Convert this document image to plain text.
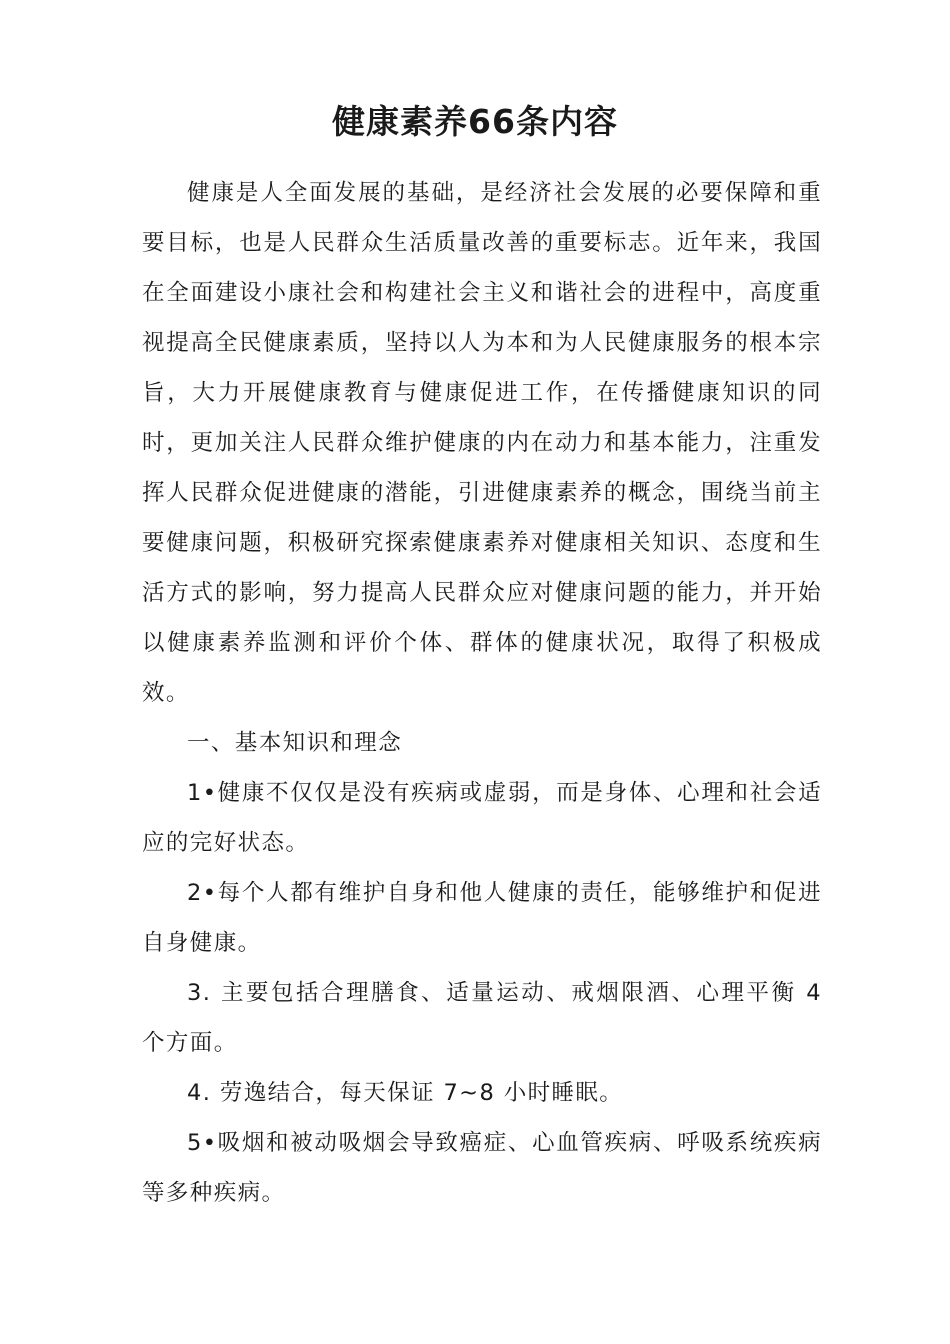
健康素养66条内容

健康是人全面发展的基础，是经济社会发展的必要保障和重要目标，也是人民群众生活质量改善的重要标志。近年来，我国在全面建设小康社会和构建社会主义和谐社会的进程中，高度重视提高全民健康素质，坚持以人为本和为人民健康服务的根本宗旨，大力开展健康教育与健康促进工作，在传播健康知识的同时，更加关注人民群众维护健康的内在动力和基本能力，注重发挥人民群众促进健康的潜能，引进健康素养的概念，围绕当前主要健康问题，积极研究探索健康素养对健康相关知识、态度和生活方式的影响，努力提高人民群众应对健康问题的能力，并开始以健康素养监测和评价个体、群体的健康状况，取得了积极成效。

一、基本知识和理念

1•健康不仅仅是没有疾病或虚弱，而是身体、心理和社会适应的完好状态。

2•每个人都有维护自身和他人健康的责任，能够维护和促进自身健康。

3. 主要包括合理膳食、适量运动、戒烟限酒、心理平衡 4 个方面。

4. 劳逸结合，每天保证 7~8 小时睡眠。

5•吸烟和被动吸烟会导致癌症、心血管疾病、呼吸系统疾病等多种疾病。
